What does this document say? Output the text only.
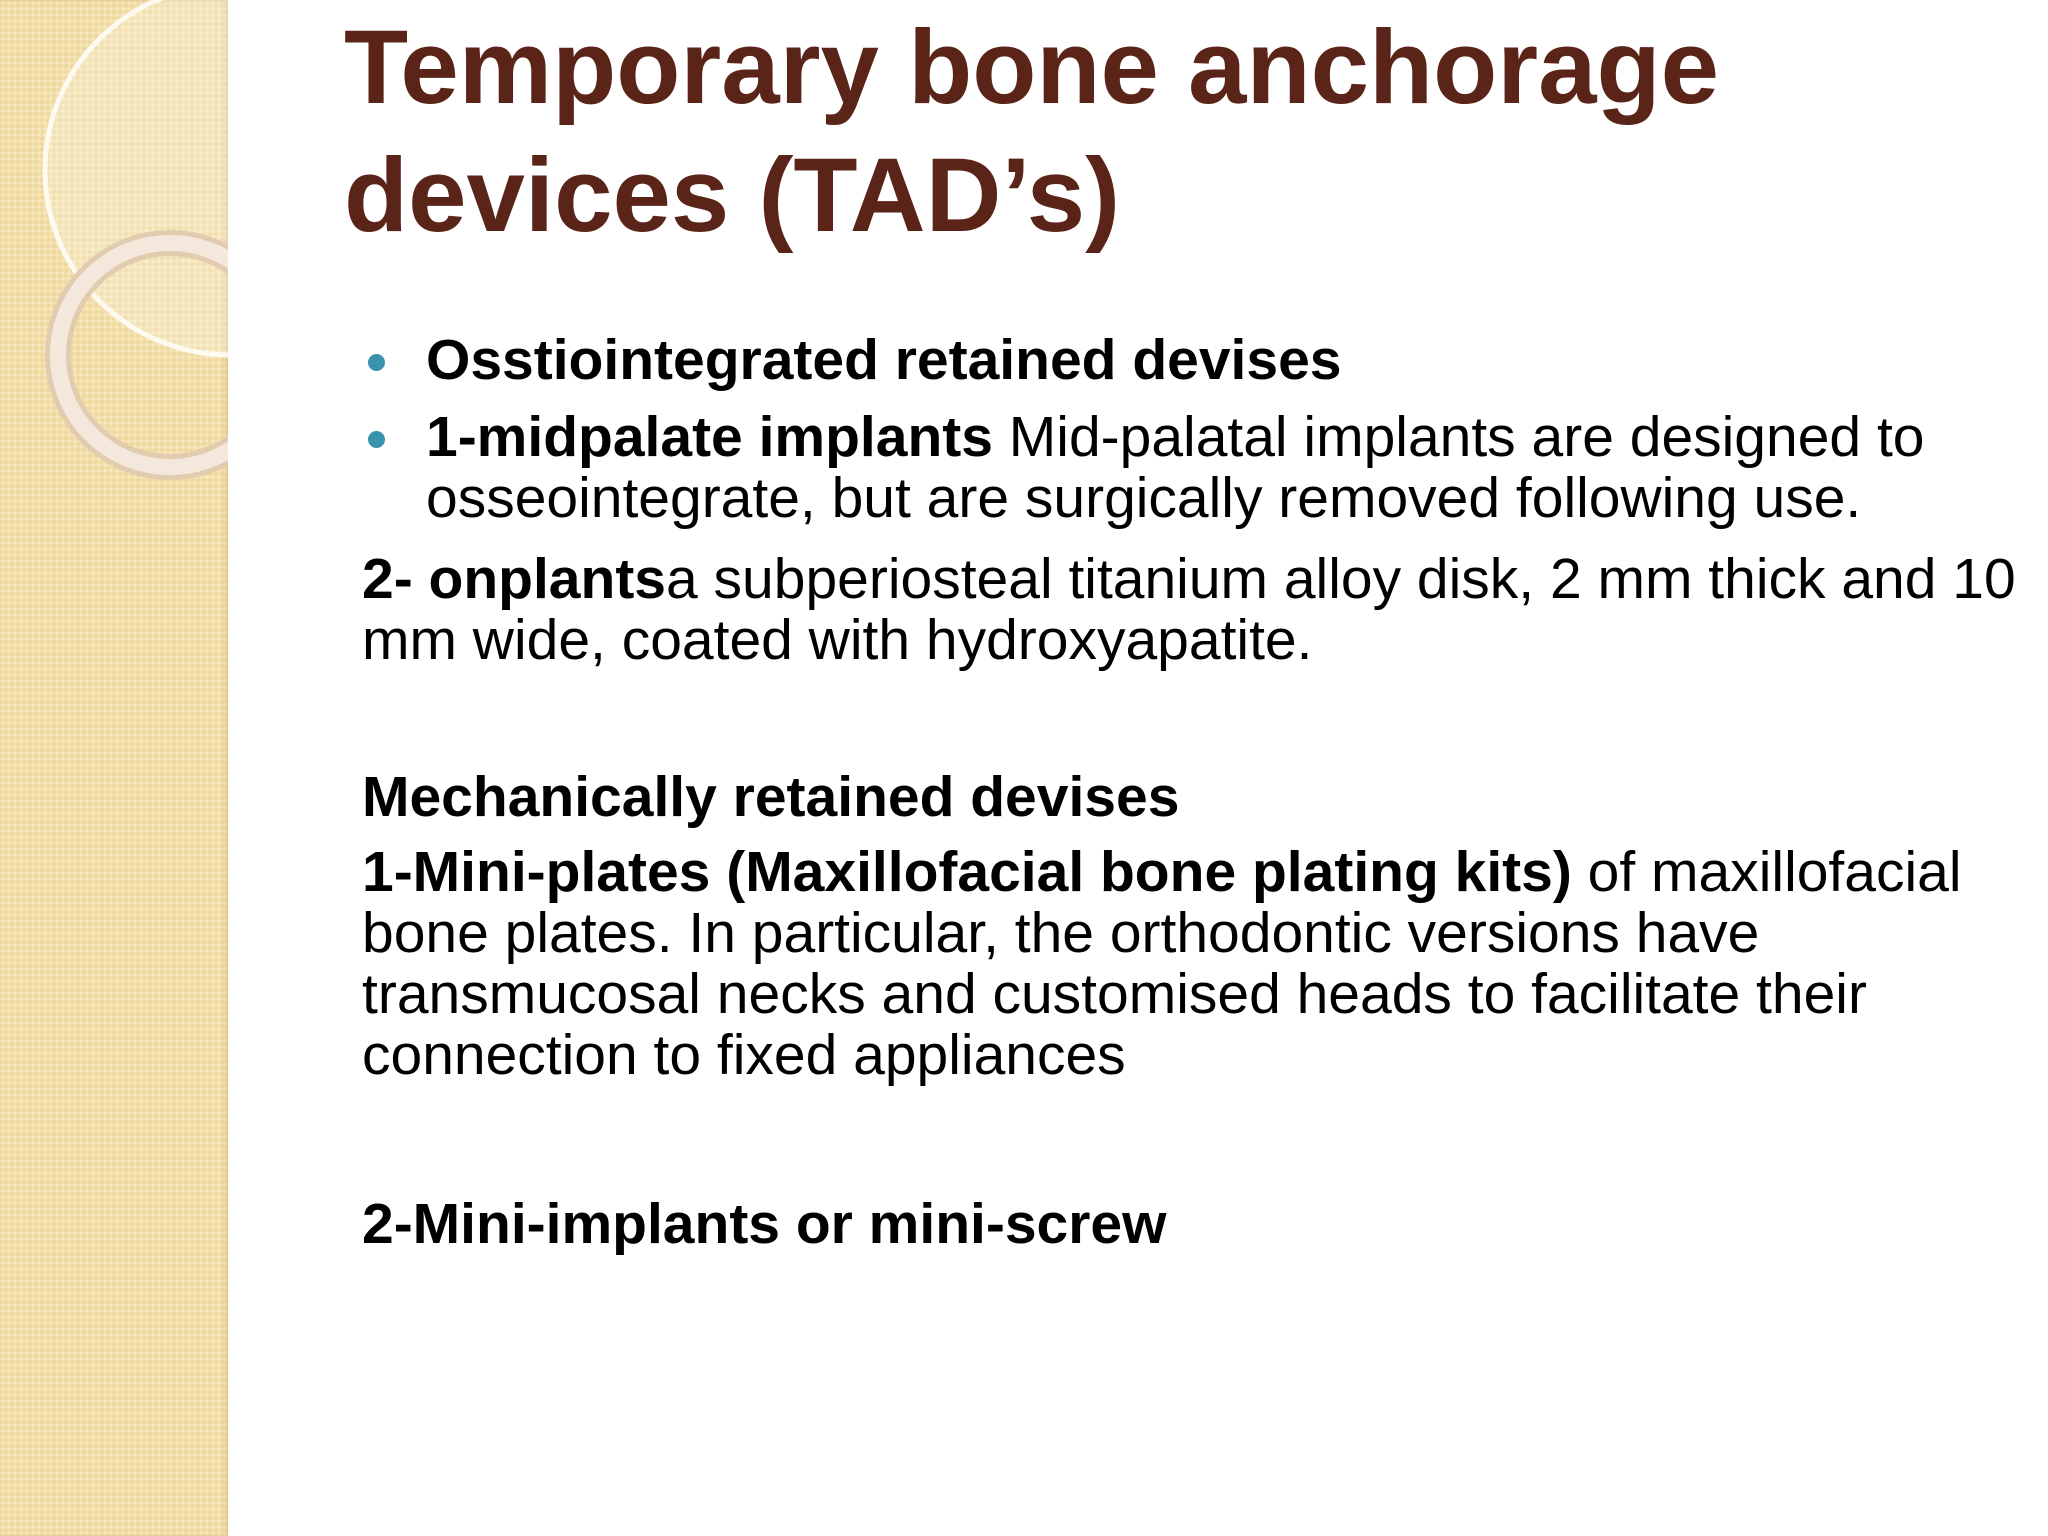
Temporary bone anchorage
devices (TAD’s)

Osstiointegrated retained devises

1-midpalate implants Mid-palatal implants are designed to osseointegrate, but are surgically removed following use.

2- onplantsa subperiosteal titanium alloy disk, 2 mm thick and 10 mm wide, coated with hydroxyapatite.

Mechanically retained devises

1-Mini-plates (Maxillofacial bone plating kits) of maxillofacial bone plates. In particular, the orthodontic versions have transmucosal necks and customised heads to facilitate their connection to fixed appliances

2-Mini-implants or mini-screw
